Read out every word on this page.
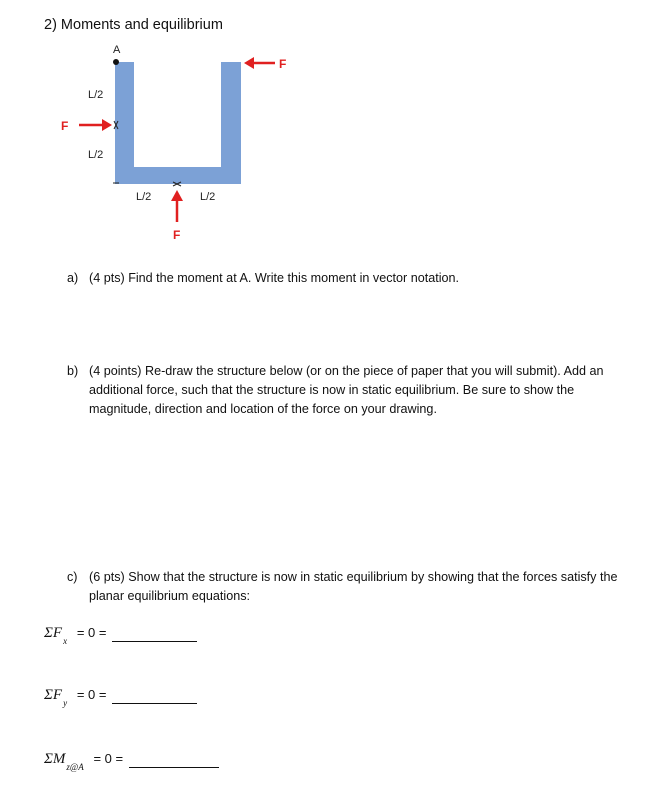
2) Moments and equilibrium
A
L/2
L/2
L/2	L/2
F
F
F
a) (4 pts) Find the moment at A. Write this moment in vector notation.
b) (4 points) Re-draw the structure below (or on the piece of paper that you will submit). Add an additional force, such that the structure is now in static equilibrium. Be sure to show the magnitude, direction and location of the force on your drawing.
c) (6 pts) Show that the structure is now in static equilibrium by showing that the forces satisfy the planar equilibrium equations:
$\Sigma F_x = 0$ =
$\Sigma F_y = 0$ =
$\Sigma M_{z@A} = 0$ =
